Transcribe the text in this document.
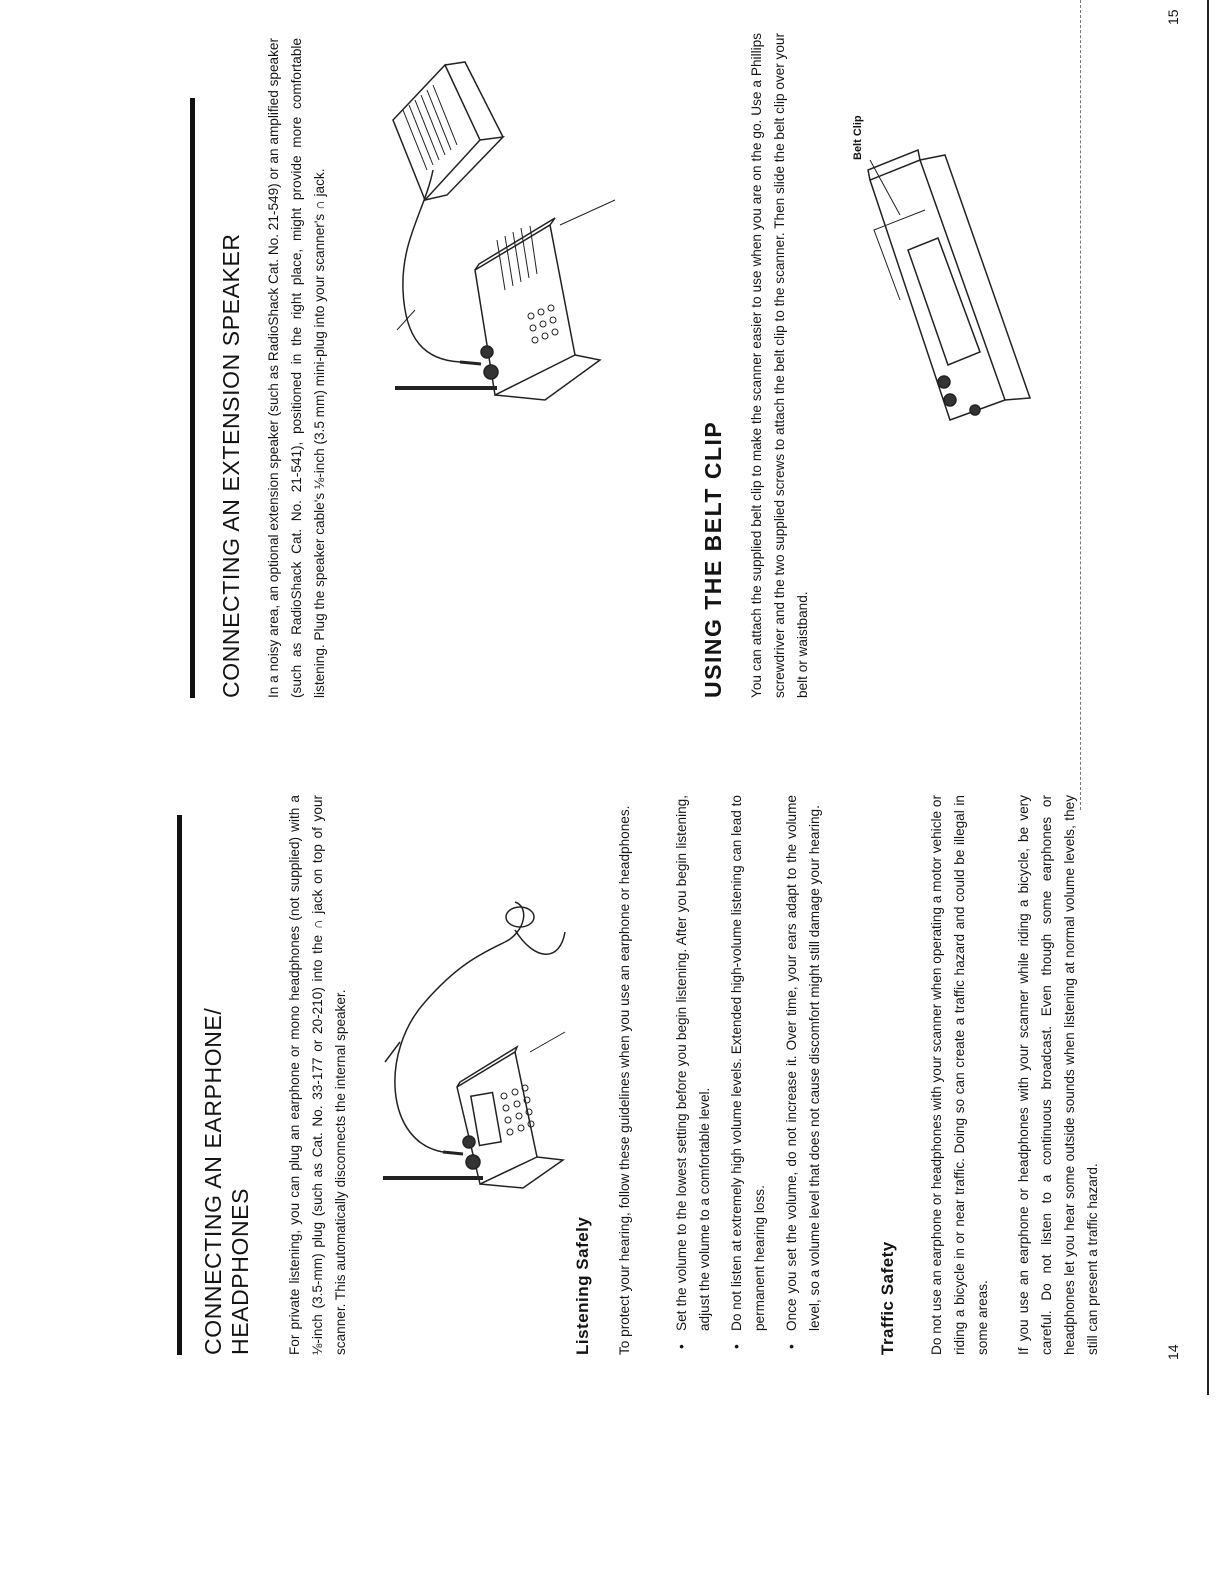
CONNECTING AN EARPHONE/ HEADPHONES	For private listening, you can plug an earphone or mono headphones (not supplied) with a ⅛-inch (3.5-mm) plug (such as Cat. No. 33-177 or 20-210) into the ∩ jack on top of your scanner. This automatically disconnects the internal speaker.	Listening Safely To protect your hearing, follow these guidelines when you use an earphone or headphones.	• Set the volume to the lowest setting before you begin listening. After you begin listening, adjust the volume to a comfortable level. • Do not listen at extremely high volume levels. Extended high-volume listening can lead to permanent hearing loss. • Once you set the volume, do not increase it. Over time, your ears adapt to the volume level, so a volume level that does not cause discomfort might still damage your hearing.	Traffic Safety Do not use an earphone or headphones with your scanner when operating a motor vehicle or riding a bicycle in or near traffic. Doing so can create a traffic hazard and could be illegal in some areas. If you use an earphone or headphones with your scanner while riding a bicycle, be very careful. Do not listen to a continuous broadcast. Even though some earphones or headphones let you hear some outside sounds when listening at normal volume levels, they still can present a traffic hazard.	14
CONNECTING AN EXTENSION SPEAKER In a noisy area, an optional extension speaker (such as RadioShack Cat. No. 21-549) or an amplified speaker (such as RadioShack Cat. No. 21-541), positioned in the right place, might provide more comfortable listening. Plug the speaker cable's ⅛-inch (3.5 mm) mini-plug into your scanner's ∩ jack.	USING THE BELT CLIP You can attach the supplied belt clip to make the scanner easier to use when you are on the go. Use a Phillips screwdriver and the two supplied screws to attach the belt clip to the scanner. Then slide the belt clip over your belt or waistband.

Belt Clip
15
